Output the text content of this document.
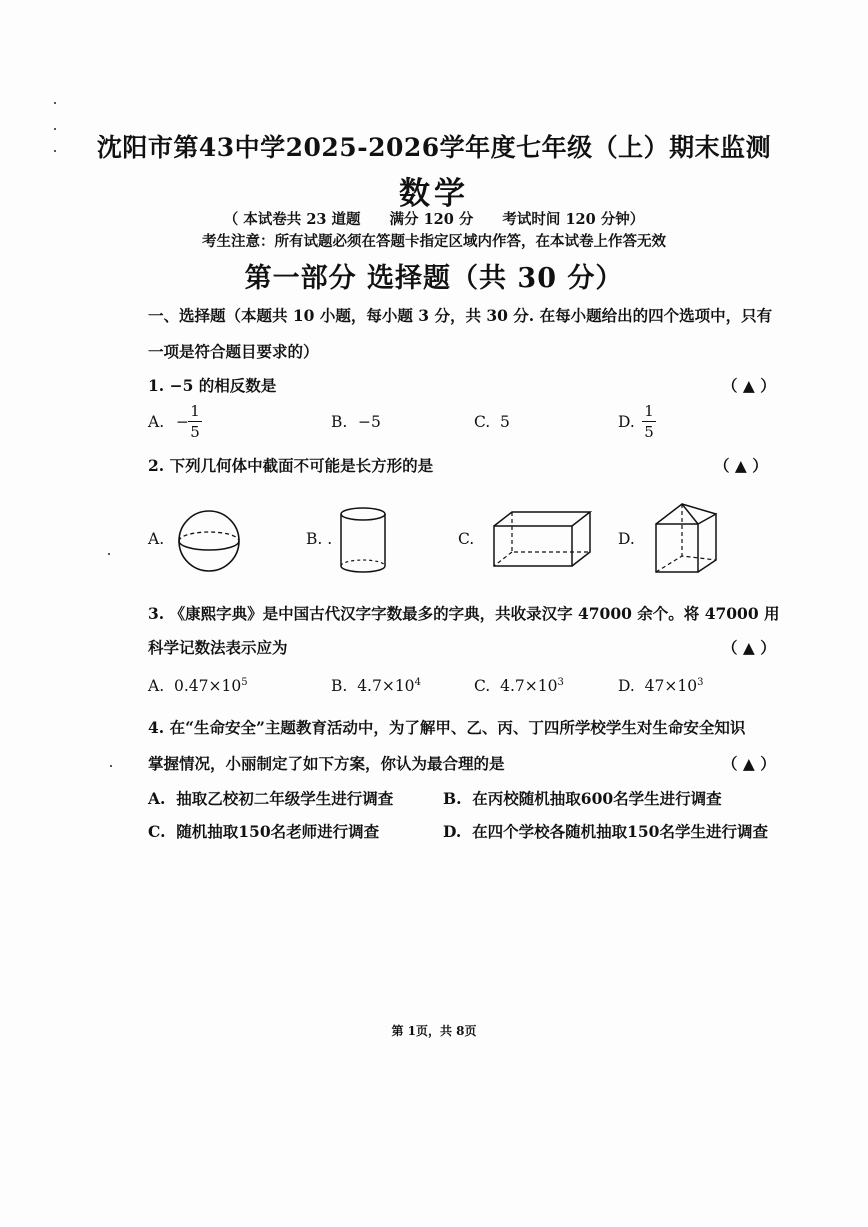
沈阳市第43中学2025-2026学年度七年级（上）期末监测
数学
（ 本试卷共 23 道题　　满分 120 分　　考试时间 120 分钟）
考生注意：所有试题必须在答题卡指定区域内作答，在本试卷上作答无效
第一部分 选择题（共 30 分）
一、选择题（本题共 10 小题，每小题 3 分，共 30 分. 在每小题给出的四个选项中，只有
一项是符合题目要求的）
1. −5 的相反数是	（ ▲ ）
A. −
1
5
B. −5	C. 5	D.
1
5
2. 下列几何体中截面不可能是长方形的是	（ ▲ ）
A.	B. .	C.	D.
3. 《康熙字典》是中国古代汉字字数最多的字典，共收录汉字 47000 余个。将 47000 用
科学记数法表示应为	（ ▲ ）
A. $0.47\times 10^5$	B. $4.7\times 10^4$	C. $4.7\times 10^3$	D. $47\times 10^3$
4. 在“生命安全”主题教育活动中，为了解甲、乙、丙、丁四所学校学生对生命安全知识
掌握情况，小丽制定了如下方案，你认为最合理的是	（ ▲ ）
A. 抽取乙校初二年级学生进行调查	B. 在丙校随机抽取600名学生进行调查
C. 随机抽取150名老师进行调查	D. 在四个学校各随机抽取150名学生进行调查
第 1页，共 8页
